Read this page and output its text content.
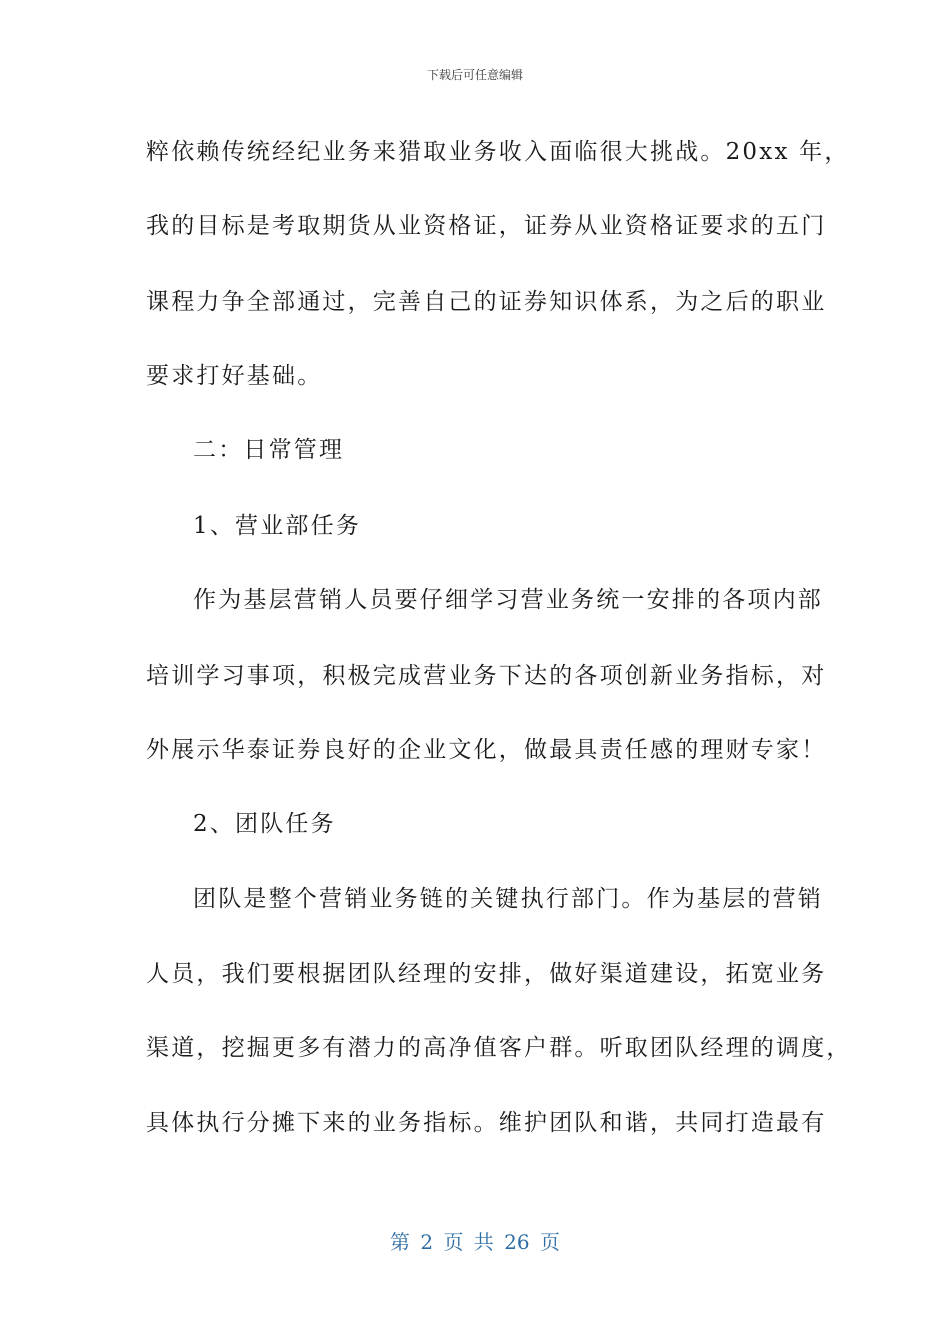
下载后可任意编辑
粹依赖传统经纪业务来猎取业务收入面临很大挑战。20xx 年，
我的目标是考取期货从业资格证，证券从业资格证要求的五门
课程力争全部通过，完善自己的证券知识体系，为之后的职业
要求打好基础。
二：日常管理
1、营业部任务
作为基层营销人员要仔细学习营业务统一安排的各项内部
培训学习事项，积极完成营业务下达的各项创新业务指标，对
外展示华泰证券良好的企业文化，做最具责任感的理财专家！
2、团队任务
团队是整个营销业务链的关键执行部门。作为基层的营销
人员，我们要根据团队经理的安排，做好渠道建设，拓宽业务
渠道，挖掘更多有潜力的高净值客户群。听取团队经理的调度，
具体执行分摊下来的业务指标。维护团队和谐，共同打造最有
第 2 页 共 26 页
